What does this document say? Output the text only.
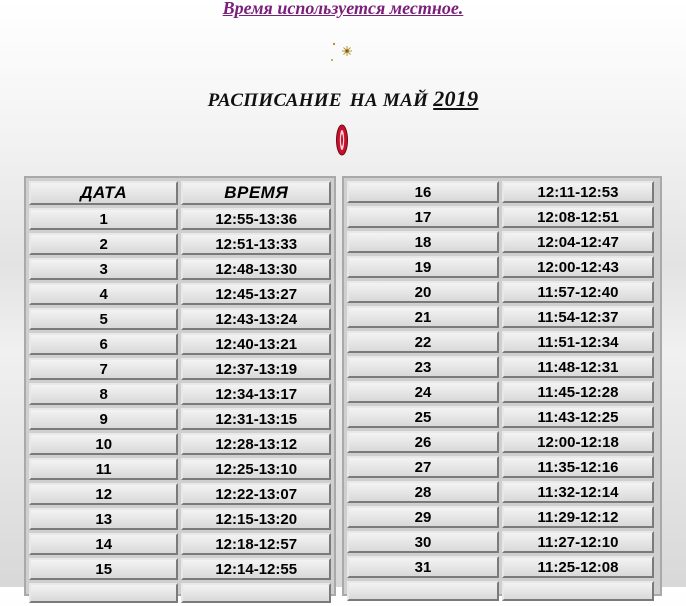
Время используется местное.
РАСПИСАНИЕ НА МАЙ 2019
ДАТА	ВРЕМЯ
1	12:55-13:36
2	12:51-13:33
3	12:48-13:30
4	12:45-13:27
5	12:43-13:24
6	12:40-13:21
7	12:37-13:19
8	12:34-13:17
9	12:31-13:15
10	12:28-13:12
11	12:25-13:10
12	12:22-13:07
13	12:15-13:20
14	12:18-12:57
15	12:14-12:55

16	12:11-12:53
17	12:08-12:51
18	12:04-12:47
19	12:00-12:43
20	11:57-12:40
21	11:54-12:37
22	11:51-12:34
23	11:48-12:31
24	11:45-12:28
25	11:43-12:25
26	12:00-12:18
27	11:35-12:16
28	11:32-12:14
29	11:29-12:12
30	11:27-12:10
31	11:25-12:08
